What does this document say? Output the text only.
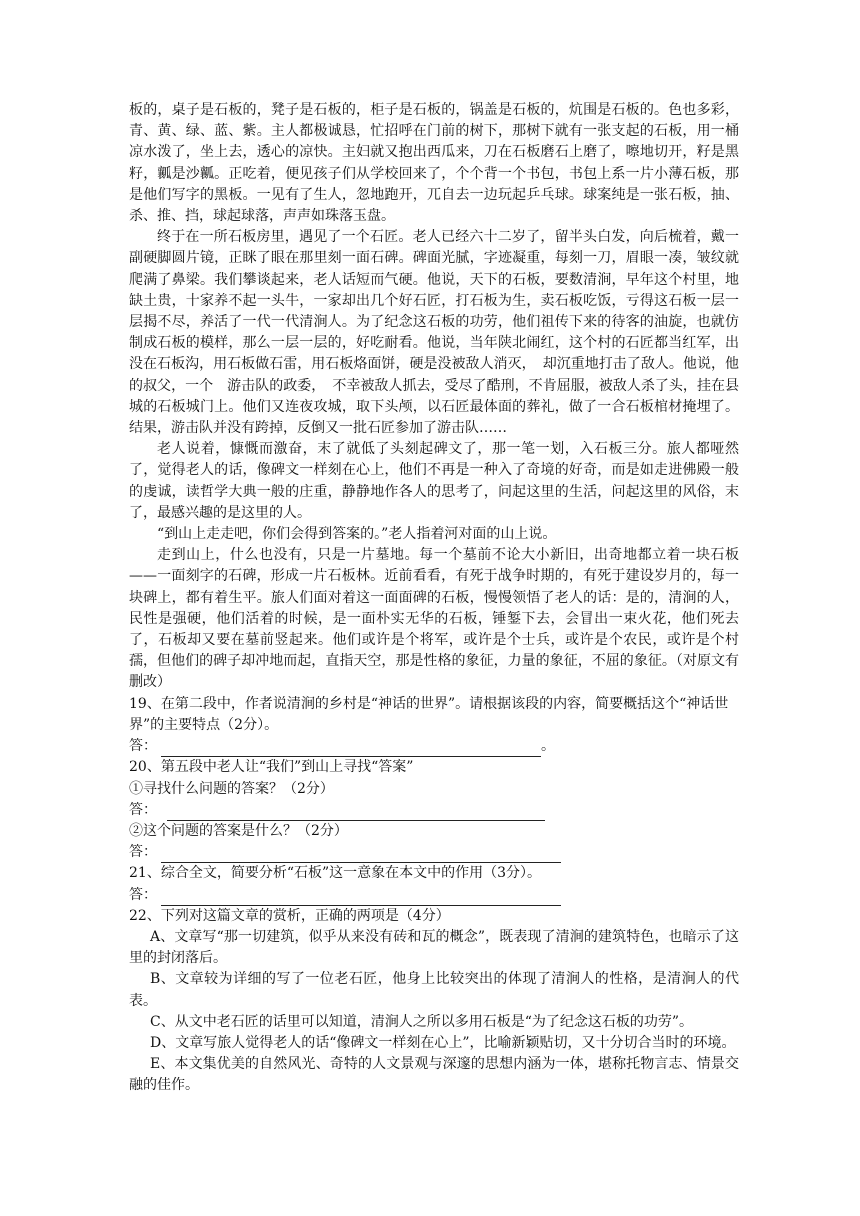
板的，桌子是石板的，凳子是石板的，柜子是石板的，锅盖是石板的，炕围是石板的。色也多彩，青、黄、绿、蓝、紫。主人都极诚恳，忙招呼在门前的树下，那树下就有一张支起的石板，用一桶凉水泼了，坐上去，透心的凉快。主妇就又抱出西瓜来，刀在石板磨石上磨了，嚓地切开，籽是黑籽，瓤是沙瓤。正吃着，便见孩子们从学校回来了，个个背一个书包，书包上系一片小薄石板，那是他们写字的黑板。一见有了生人，忽地跑开，兀自去一边玩起乒乓球。球案纯是一张石板，抽、杀、推、挡，球起球落，声声如珠落玉盘。

终于在一所石板房里，遇见了一个石匠。老人已经六十二岁了，留半头白发，向后梳着，戴一副硬脚圆片镜，正眯了眼在那里刻一面石碑。碑面光腻，字迹凝重，每刻一刀，眉眼一凑，皱纹就爬满了鼻梁。我们攀谈起来，老人话短而气硬。他说，天下的石板，要数清涧，早年这个村里，地缺土贵，十家养不起一头牛，一家却出几个好石匠，打石板为生，卖石板吃饭，亏得这石板一层一层揭不尽，养活了一代一代清涧人。为了纪念这石板的功劳，他们祖传下来的待客的油旋，也就仿制成石板的模样，那么一层一层的，好吃耐看。他说，当年陕北闹红，这个村的石匠都当红军，出没在石板沟，用石板做石雷，用石板烙面饼，硬是没被敌人消灭，　却沉重地打击了敌人。他说，他的叔父，一个　游击队的政委，　不幸被敌人抓去，受尽了酷刑，不肯屈服，被敌人杀了头，挂在县城的石板城门上。他们又连夜攻城，取下头颅，以石匠最体面的葬礼，做了一合石板棺材掩埋了。结果，游击队并没有跨掉，反倒又一批石匠参加了游击队……

老人说着，慷慨而激奋，末了就低了头刻起碑文了，那一笔一划，入石板三分。旅人都哑然了，觉得老人的话，像碑文一样刻在心上，他们不再是一种入了奇境的好奇，而是如走进佛殿一般的虔诚，读哲学大典一般的庄重，静静地作各人的思考了，问起这里的生活，问起这里的风俗，末了，最感兴趣的是这里的人。

“到山上走走吧，你们会得到答案的。”老人指着河对面的山上说。

走到山上，什么也没有，只是一片墓地。每一个墓前不论大小新旧，出奇地都立着一块石板——一面刻字的石碑，形成一片石板林。近前看看，有死于战争时期的，有死于建设岁月的，每一块碑上，都有着生平。旅人们面对着这一面面碑的石板，慢慢领悟了老人的话：是的，清涧的人，民性是强硬，他们活着的时候，是一面朴实无华的石板，锤錾下去，会冒出一束火花，他们死去了，石板却又要在墓前竖起来。他们或许是个将军，或许是个士兵，或许是个农民，或许是个村孺，但他们的碑子却冲地而起，直指天空，那是性格的象征，力量的象征，不屈的象征。（对原文有删改）

19、在第二段中，作者说清涧的乡村是“神话的世界”。请根据该段的内容，简要概括这个“神话世界”的主要特点（2分）。

答：	。

20、第五段中老人让“我们”到山上寻找“答案”

①寻找什么问题的答案？（2分）

答：

②这个问题的答案是什么？（2分）

答：

21、综合全文，简要分析“石板”这一意象在本文中的作用（3分）。

答：

22、下列对这篇文章的赏析，正确的两项是（4分）

A、文章写“那一切建筑，似乎从来没有砖和瓦的概念”，既表现了清涧的建筑特色，也暗示了这里的封闭落后。

B、文章较为详细的写了一位老石匠，他身上比较突出的体现了清涧人的性格，是清涧人的代表。

C、从文中老石匠的话里可以知道，清涧人之所以多用石板是“为了纪念这石板的功劳”。

D、文章写旅人觉得老人的话“像碑文一样刻在心上”，比喻新颖贴切，又十分切合当时的环境。

E、本文集优美的自然风光、奇特的人文景观与深邃的思想内涵为一体，堪称托物言志、情景交融的佳作。
